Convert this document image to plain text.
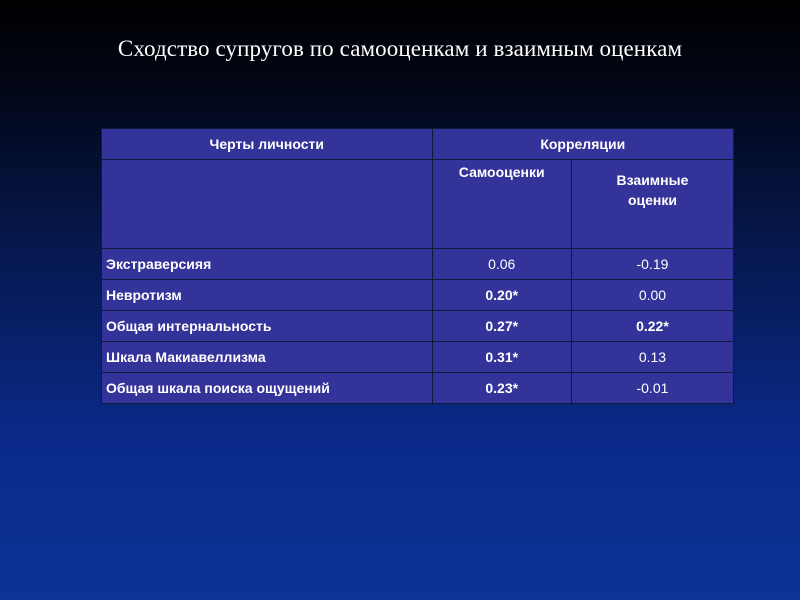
Сходство супругов по самооценкам и взаимным оценкам
Черты личности	Корреляции	
	Самооценки	Взаимные
оценки
Экстраверсияя	0.06	-0.19
Невротизм	0.20*	0.00
Общая интернальность	0.27*	0.22*
Шкала Макиавеллизма	0.31*	0.13
Общая шкала поиска ощущений	0.23*	-0.01
